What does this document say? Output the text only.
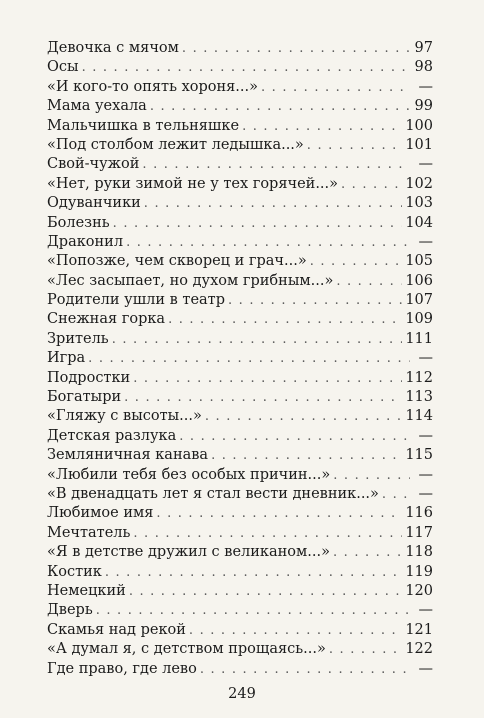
Девочка с мячом . . .	97
Осы . . .	98
«И кого-то опять хороня...» . . .	—
Мама уехала . . .	99
Мальчишка в тельняшке . . .	100
«Под столбом лежит ледышка...» . . .	101
Свой-чужой . . .	—
«Нет, руки зимой не у тех горячей...» . . .	102
Одуванчики . . .	103
Болезнь . . .	104
Драконил . . .	—
«Попозже, чем скворец и грач...» . . .	105
«Лес засыпает, но духом грибным...» . . .	106
Родители ушли в театр . . .	107
Снежная горка . . .	109
Зритель . . .	111
Игра . . .	—
Подростки . . .	112
Богатыри . . .	113
«Гляжу с высоты...» . . .	114
Детская разлука . . .	—
Земляничная канава . . .	115
«Любили тебя без особых причин...» . . .	—
«В двенадцать лет я стал вести дневник...» . . .	—
Любимое имя . . .	116
Мечтатель . . .	117
«Я в детстве дружил с великаном...» . . .	118
Костик . . .	119
Немецкий . . .	120
Дверь . . .	—
Скамья над рекой . . .	121
«А думал я, с детством прощаясь...» . . .	122
Где право, где лево . . .	—
249
